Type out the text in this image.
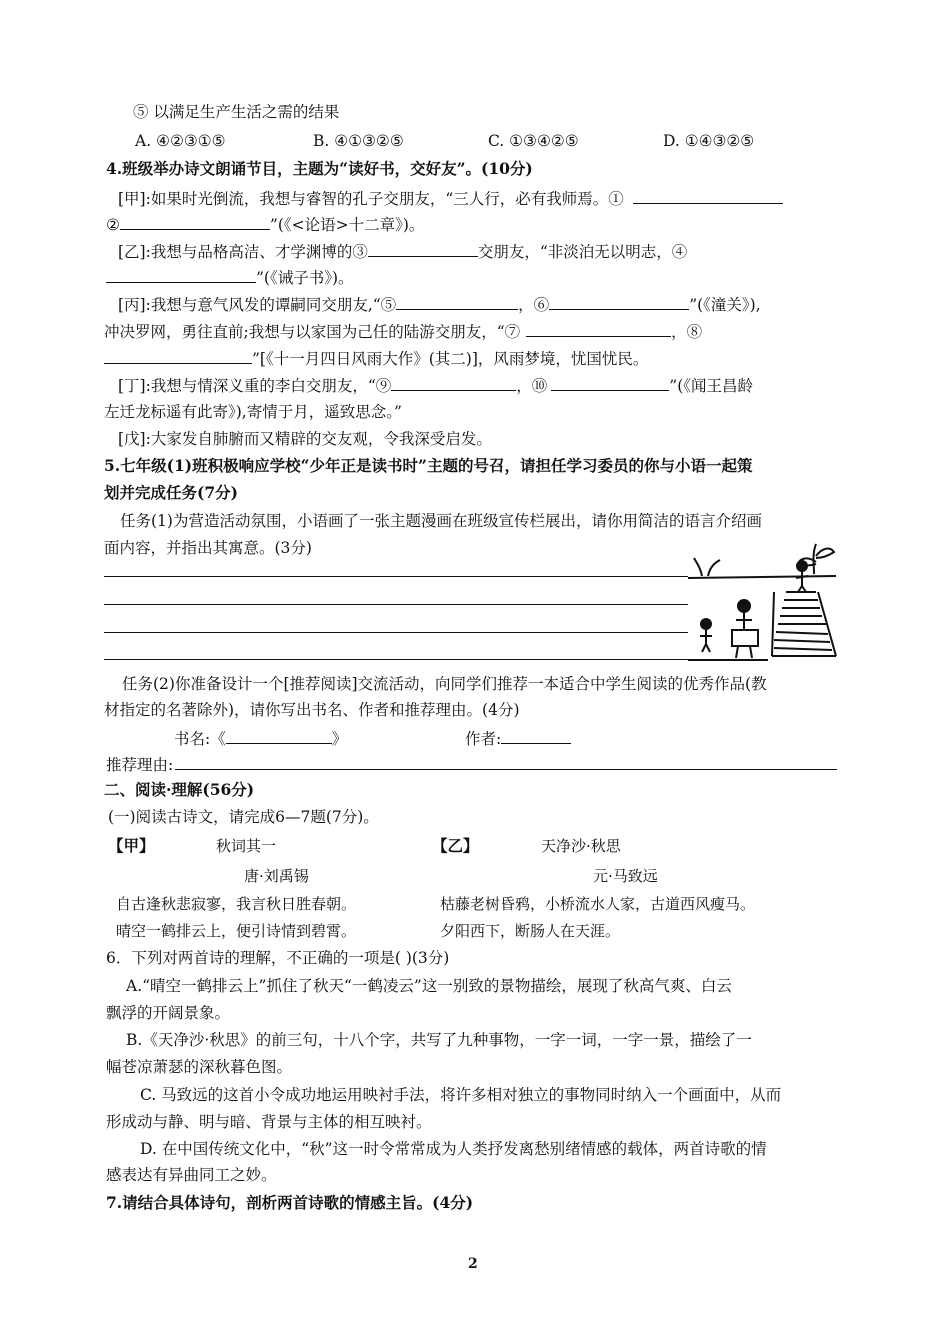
⑤ 以满足生产生活之需的结果
A. ④②③①⑤	B. ④①③②⑤	C. ①③④②⑤	D. ①④③②⑤
4.班级举办诗文朗诵节目，主题为“读好书，交好友”。(10分)
[甲]:如果时光倒流，我想与睿智的孔子交朋友，“三人行，必有我师焉。①
②	”(《<论语>十二章》)。
[乙]:我想与品格高洁、才学渊博的③	交朋友，“非淡泊无以明志，④
”(《诫子书》)。
[丙]:我想与意气风发的谭嗣同交朋友,“⑤	，⑥	”(《潼关》),
冲决罗网，勇往直前;我想与以家国为己任的陆游交朋友，“⑦	，⑧
”[《十一月四日风雨大作》(其二)]，风雨梦境，忧国忧民。
[丁]:我想与情深义重的李白交朋友，“⑨	，⑩	”(《闻王昌龄
左迁龙标遥有此寄》),寄情于月，遥致思念。”
[戊]:大家发自肺腑而又精辟的交友观，令我深受启发。
5.七年级(1)班积极响应学校“少年正是读书时”主题的号召，请担任学习委员的你与小语一起策
划并完成任务(7分)
任务(1)为营造活动氛围，小语画了一张主题漫画在班级宣传栏展出，请你用简洁的语言介绍画
面内容，并指出其寓意。(3分)
任务(2)你准备设计一个[推荐阅读]交流活动，向同学们推荐一本适合中学生阅读的优秀作品(教
材指定的名著除外)，请你写出书名、作者和推荐理由。(4分)
书名:《	》	作者:
推荐理由:
二、阅读·理解(56分)
(一)阅读古诗文，请完成6—7题(7分)。
【甲】	秋词其一	【乙】	天净沙·秋思
唐·刘禹锡	元·马致远
自古逢秋悲寂寥，我言秋日胜春朝。	枯藤老树昏鸦，小桥流水人家，古道西风瘦马。
晴空一鹤排云上，便引诗情到碧霄。	夕阳西下，断肠人在天涯。
6．下列对两首诗的理解，不正确的一项是( )(3分)
A.“晴空一鹤排云上”抓住了秋天“一鹤凌云”这一别致的景物描绘，展现了秋高气爽、白云
飘浮的开阔景象。
B.《天净沙·秋思》的前三句，十八个字，共写了九种事物，一字一词，一字一景，描绘了一
幅苍凉萧瑟的深秋暮色图。
C. 马致远的这首小令成功地运用映衬手法，将许多相对独立的事物同时纳入一个画面中，从而
形成动与静、明与暗、背景与主体的相互映衬。
D. 在中国传统文化中，“秋”这一时令常常成为人类抒发离愁别绪情感的载体，两首诗歌的情
感表达有异曲同工之妙。
7.请结合具体诗句，剖析两首诗歌的情感主旨。(4分)
2
